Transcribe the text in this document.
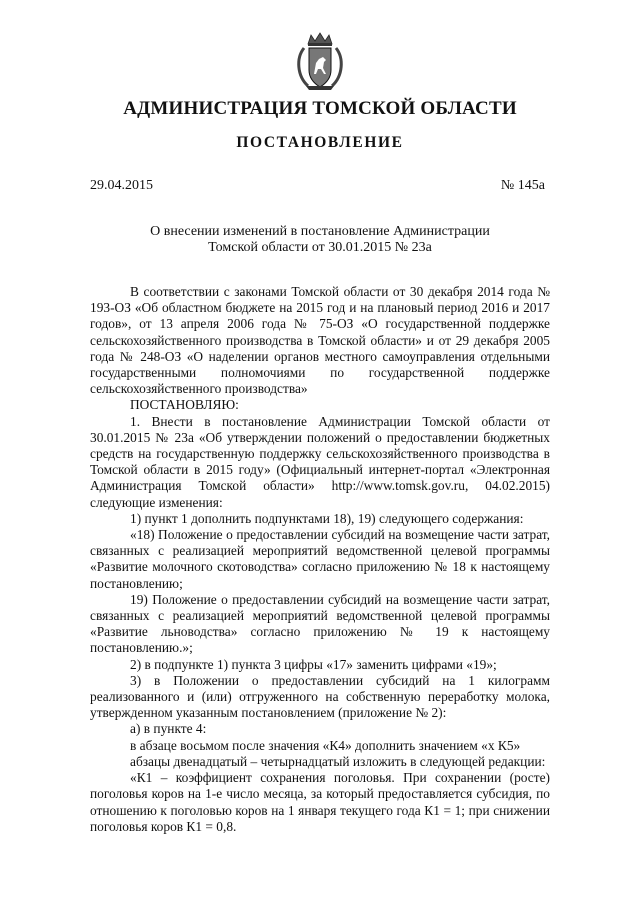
АДМИНИСТРАЦИЯ ТОМСКОЙ ОБЛАСТИ
ПОСТАНОВЛЕНИЕ
29.04.2015	№ 145а
О внесении изменений в постановление Администрации
Томской области от 30.01.2015 № 23а

В соответствии с законами Томской области от 30 декабря 2014 года № 193-ОЗ «Об областном бюджете на 2015 год и на плановый период 2016 и 2017 годов», от 13 апреля 2006 года № 75-ОЗ «О государственной поддержке сельскохозяйственного производства в Томской области» и от 29 декабря 2005 года № 248-ОЗ «О наделении органов местного самоуправления отдельными государственными полномочиями по государственной поддержке сельскохозяйственного производства»

ПОСТАНОВЛЯЮ:

1. Внести в постановление Администрации Томской области от 30.01.2015 № 23а «Об утверждении положений о предоставлении бюджетных средств на государственную поддержку сельскохозяйственного производства в Томской области в 2015 году» (Официальный интернет-портал «Электронная Администрация Томской области» http://www.tomsk.gov.ru, 04.02.2015) следующие изменения:

1) пункт 1 дополнить подпунктами 18), 19) следующего содержания:

«18) Положение о предоставлении субсидий на возмещение части затрат, связанных с реализацией мероприятий ведомственной целевой программы «Развитие молочного скотоводства» согласно приложению № 18 к настоящему постановлению;

19) Положение о предоставлении субсидий на возмещение части затрат, связанных с реализацией мероприятий ведомственной целевой программы «Развитие льноводства» согласно приложению № 19 к настоящему постановлению.»;

2) в подпункте 1) пункта 3 цифры «17» заменить цифрами «19»;

3) в Положении о предоставлении субсидий на 1 килограмм реализованного и (или) отгруженного на собственную переработку молока, утвержденном указанным постановлением (приложение № 2):

а) в пункте 4:

в абзаце восьмом после значения «К4» дополнить значением «х К5»

абзацы двенадцатый – четырнадцатый изложить в следующей редакции:

«К1 – коэффициент сохранения поголовья. При сохранении (росте) поголовья коров на 1-е число месяца, за который предоставляется субсидия, по отношению к поголовью коров на 1 января текущего года К1 = 1; при снижении поголовья коров К1 = 0,8.
